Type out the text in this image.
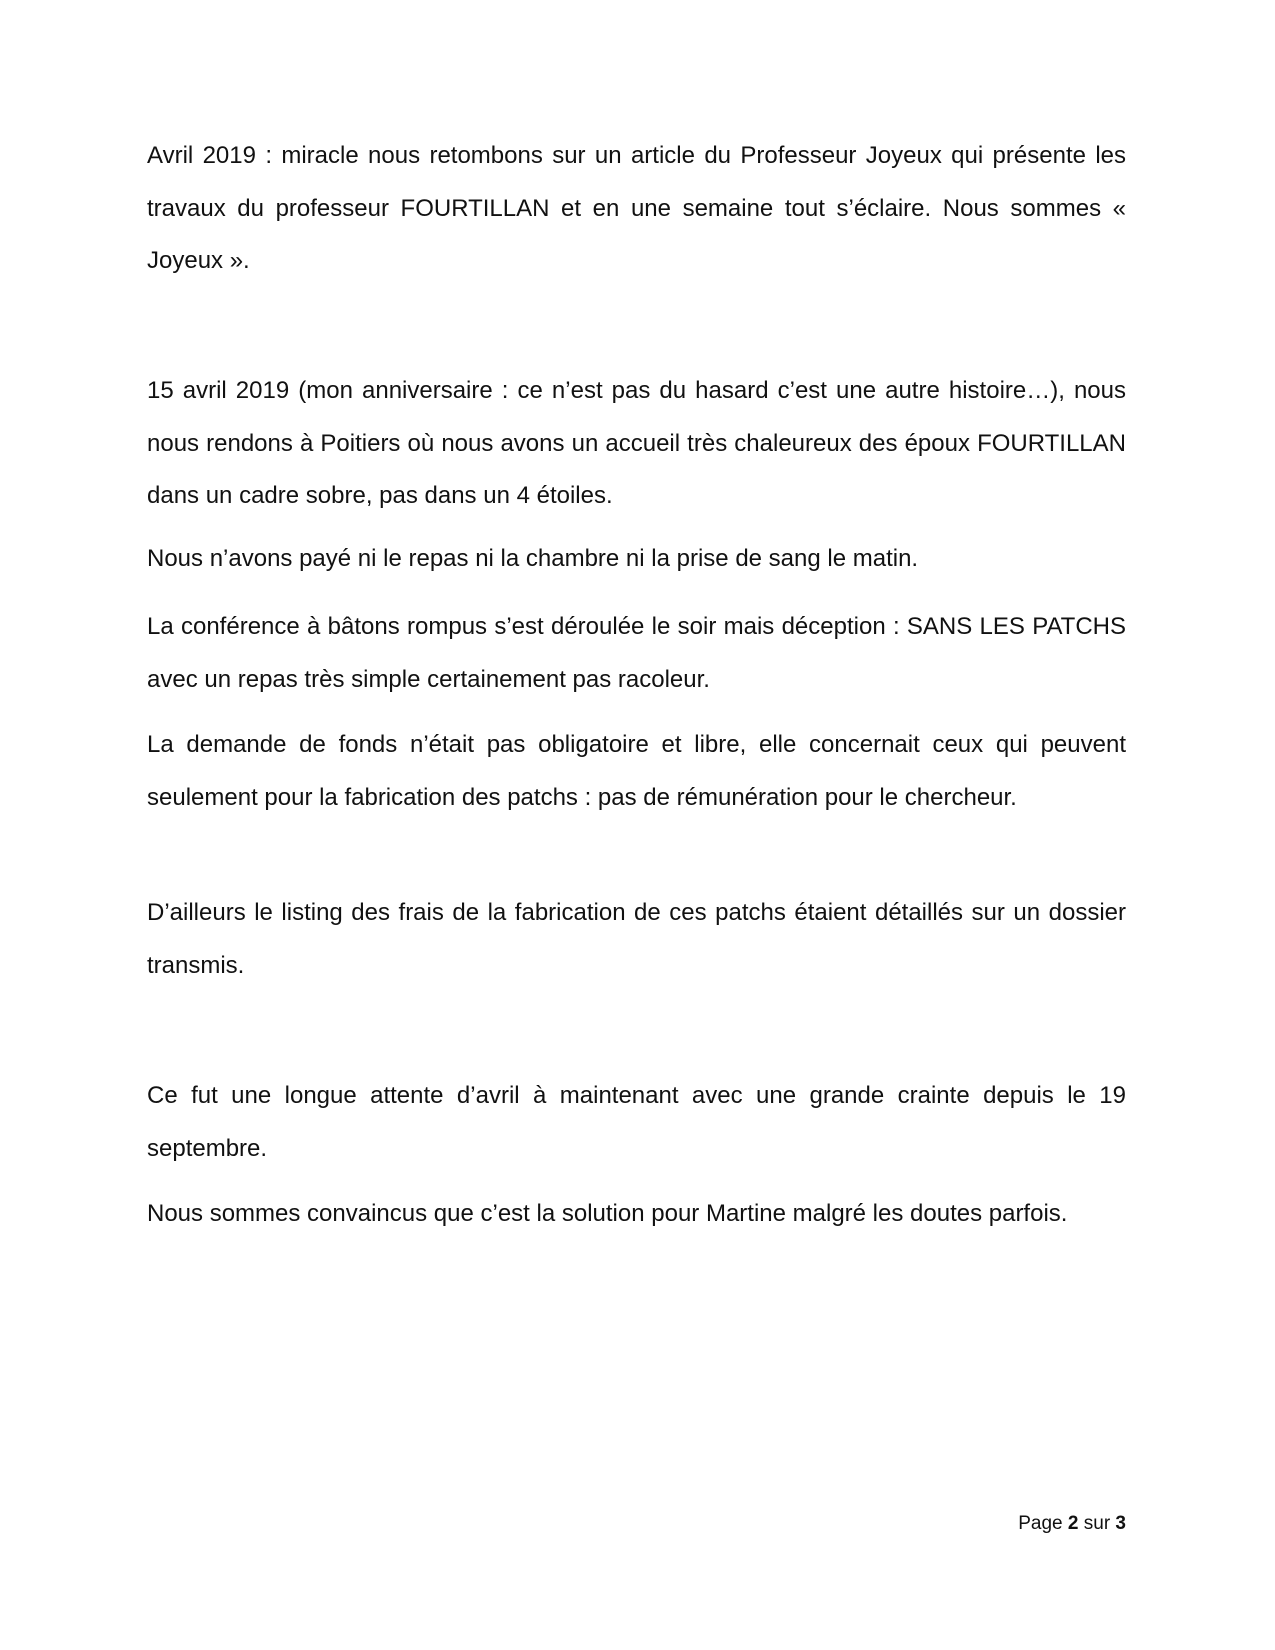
Avril 2019 : miracle nous retombons sur un article du Professeur Joyeux qui présente les travaux du professeur FOURTILLAN et en une semaine tout s’éclaire. Nous sommes « Joyeux ».

15 avril 2019 (mon anniversaire : ce n’est pas du hasard c’est une autre histoire…), nous nous rendons à Poitiers où nous avons un accueil très chaleureux des époux FOURTILLAN dans un cadre sobre, pas dans un 4 étoiles.

Nous n’avons payé ni le repas ni la chambre ni la prise de sang le matin.

La conférence à bâtons rompus s’est déroulée le soir mais déception : SANS LES PATCHS avec un repas très simple certainement pas racoleur.

La demande de fonds n’était pas obligatoire et libre, elle concernait ceux qui peuvent seulement pour la fabrication des patchs : pas de rémunération pour le chercheur.

D’ailleurs le listing des frais de la fabrication de ces patchs étaient détaillés sur un dossier transmis.

Ce fut une longue attente d’avril à maintenant avec une grande crainte depuis le 19 septembre.

Nous sommes convaincus que c’est la solution pour Martine malgré les doutes parfois.

Page 2 sur 3
